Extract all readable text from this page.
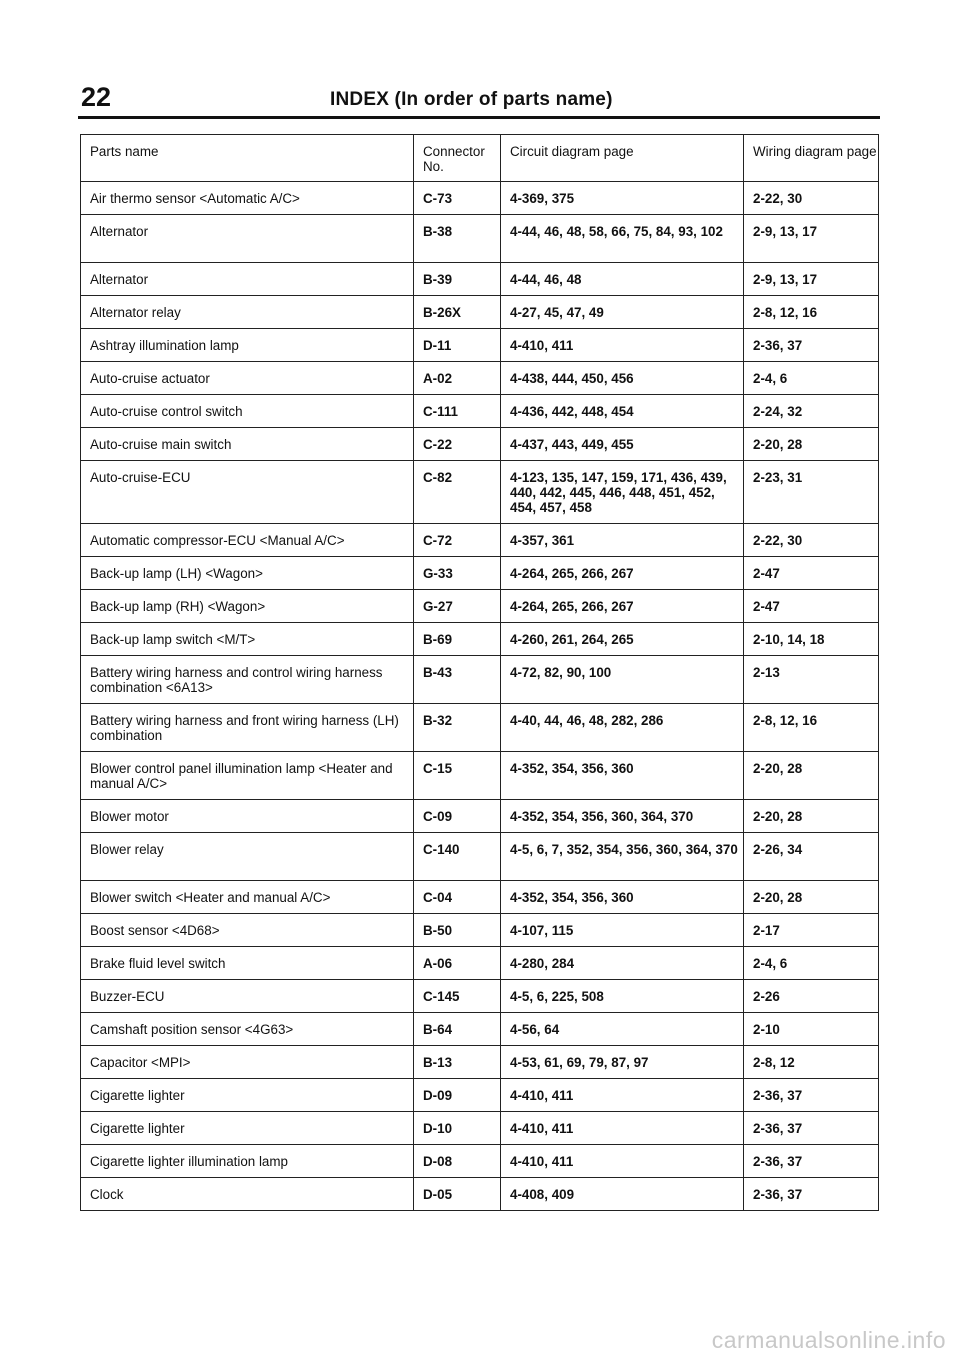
22	INDEX (In order of parts name)
Parts name	Connector No.	Circuit diagram page	Wiring diagram page

Air thermo sensor <Automatic A/C>	C-73	4-369, 375	2-22, 30

Alternator	B-38	4-44, 46, 48, 58, 66, 75, 84, 93, 102	2-9, 13, 17

Alternator	B-39	4-44, 46, 48	2-9, 13, 17

Alternator relay	B-26X	4-27, 45, 47, 49	2-8, 12, 16

Ashtray illumination lamp	D-11	4-410, 411	2-36, 37

Auto-cruise actuator	A-02	4-438, 444, 450, 456	2-4, 6

Auto-cruise control switch	C-111	4-436, 442, 448, 454	2-24, 32

Auto-cruise main switch	C-22	4-437, 443, 449, 455	2-20, 28

Auto-cruise-ECU	C-82	4-123, 135, 147, 159, 171, 436, 439, 440, 442, 445, 446, 448, 451, 452, 454, 457, 458	2-23, 31

Automatic compressor-ECU <Manual A/C>	C-72	4-357, 361	2-22, 30

Back-up lamp (LH) <Wagon>	G-33	4-264, 265, 266, 267	2-47

Back-up lamp (RH) <Wagon>	G-27	4-264, 265, 266, 267	2-47

Back-up lamp switch <M/T>	B-69	4-260, 261, 264, 265	2-10, 14, 18

Battery wiring harness and control wiring harness combination <6A13>	B-43	4-72, 82, 90, 100	2-13

Battery wiring harness and front wiring harness (LH) combination	B-32	4-40, 44, 46, 48, 282, 286	2-8, 12, 16

Blower control panel illumination lamp <Heater and manual A/C>	C-15	4-352, 354, 356, 360	2-20, 28

Blower motor	C-09	4-352, 354, 356, 360, 364, 370	2-20, 28

Blower relay	C-140	4-5, 6, 7, 352, 354, 356, 360, 364, 370	2-26, 34

Blower switch <Heater and manual A/C>	C-04	4-352, 354, 356, 360	2-20, 28

Boost sensor <4D68>	B-50	4-107, 115	2-17

Brake fluid level switch	A-06	4-280, 284	2-4, 6

Buzzer-ECU	C-145	4-5, 6, 225, 508	2-26

Camshaft position sensor <4G63>	B-64	4-56, 64	2-10

Capacitor <MPI>	B-13	4-53, 61, 69, 79, 87, 97	2-8, 12

Cigarette lighter	D-09	4-410, 411	2-36, 37

Cigarette lighter	D-10	4-410, 411	2-36, 37

Cigarette lighter illumination lamp	D-08	4-410, 411	2-36, 37

Clock	D-05	4-408, 409	2-36, 37
carmanualsonline.info
